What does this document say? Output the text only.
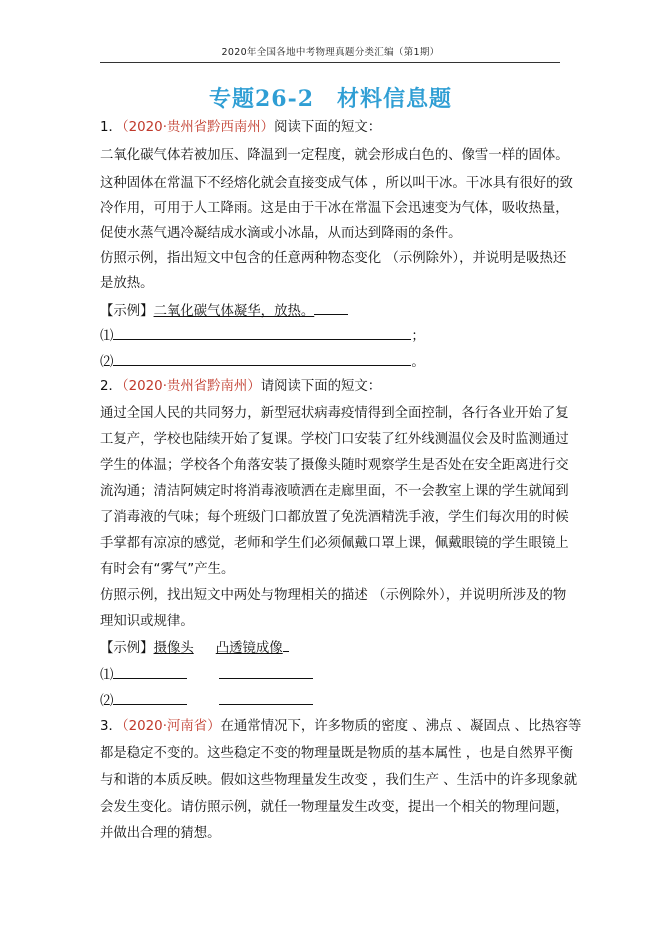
2020年全国各地中考物理真题分类汇编（第1期）
专题26-2　材料信息题
1．（2020·贵州省黔西南州）阅读下面的短文：
二氧化碳气体若被加压、降温到一定程度，就会形成白色的、像雪一样的固体。
这种固体在常温下不经熔化就会直接变成气体 ，所以叫干冰。干冰具有很好的致
冷作用，可用于人工降雨。这是由于干冰在常温下会迅速变为气体，吸收热量，
促使水蒸气遇冷凝结成水滴或小冰晶，从而达到降雨的条件。
仿照示例，指出短文中包含的任意两种物态变化 （示例除外），并说明是吸热还
是放热。
【示例】二氧化碳气体凝华，放热。
⑴	；
⑵	。
2．（2020·贵州省黔南州）请阅读下面的短文：
通过全国人民的共同努力，新型冠状病毒疫情得到全面控制，各行各业开始了复
工复产，学校也陆续开始了复课。学校门口安装了红外线测温仪会及时监测通过
学生的体温；学校各个角落安装了摄像头随时观察学生是否处在安全距离进行交
流沟通；清洁阿姨定时将消毒液喷洒在走廊里面，不一会教室上课的学生就闻到
了消毒液的气味；每个班级门口都放置了免洗酒精洗手液，学生们每次用的时候
手掌都有凉凉的感觉，老师和学生们必须佩戴口罩上课，佩戴眼镜的学生眼镜上
有时会有“雾气”产生。
仿照示例，找出短文中两处与物理相关的描述 （示例除外），并说明所涉及的物
理知识或规律。
【示例】摄像头 凸透镜成像
⑴
⑵
3．（2020·河南省）在通常情况下，许多物质的密度 、沸点 、凝固点 、比热容等
都是稳定不变的。这些稳定不变的物理量既是物质的基本属性 ，也是自然界平衡
与和谐的本质反映。假如这些物理量发生改变 ，我们生产 、生活中的许多现象就
会发生变化。请仿照示例，就任一物理量发生改变，提出一个相关的物理问题，
并做出合理的猜想。
